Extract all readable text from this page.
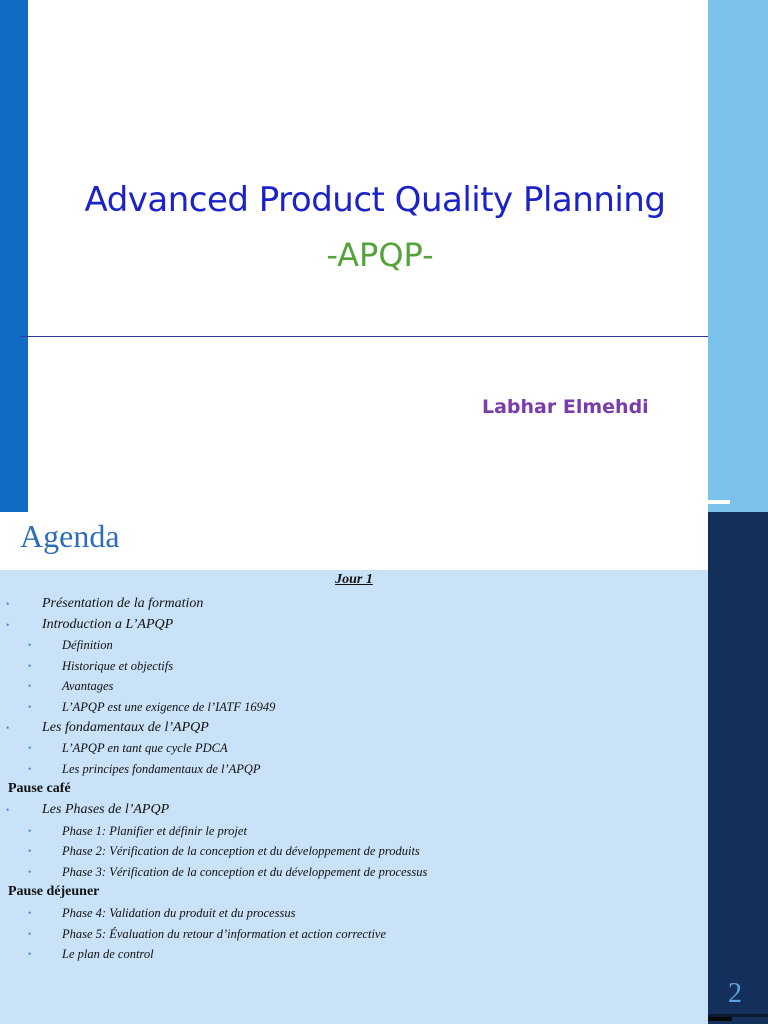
Advanced Product Quality Planning
-APQP-
Labhar Elmehdi
Agenda
Jour 1
• Présentation de la formation
• Introduction a L’APQP
• Définition
• Historique et objectifs
• Avantages
• L’APQP est une exigence de l’IATF 16949
• Les fondamentaux de l’APQP
• L’APQP en tant que cycle PDCA
• Les principes fondamentaux de l’APQP
Pause café
• Les Phases de l’APQP
• Phase 1: Planifier et définir le projet
• Phase 2: Vérification de la conception et du développement de produits
• Phase 3: Vérification de la conception et du développement de processus
Pause déjeuner
• Phase 4: Validation du produit et du processus
• Phase 5: Évaluation du retour d’information et action corrective
• Le plan de control
2
